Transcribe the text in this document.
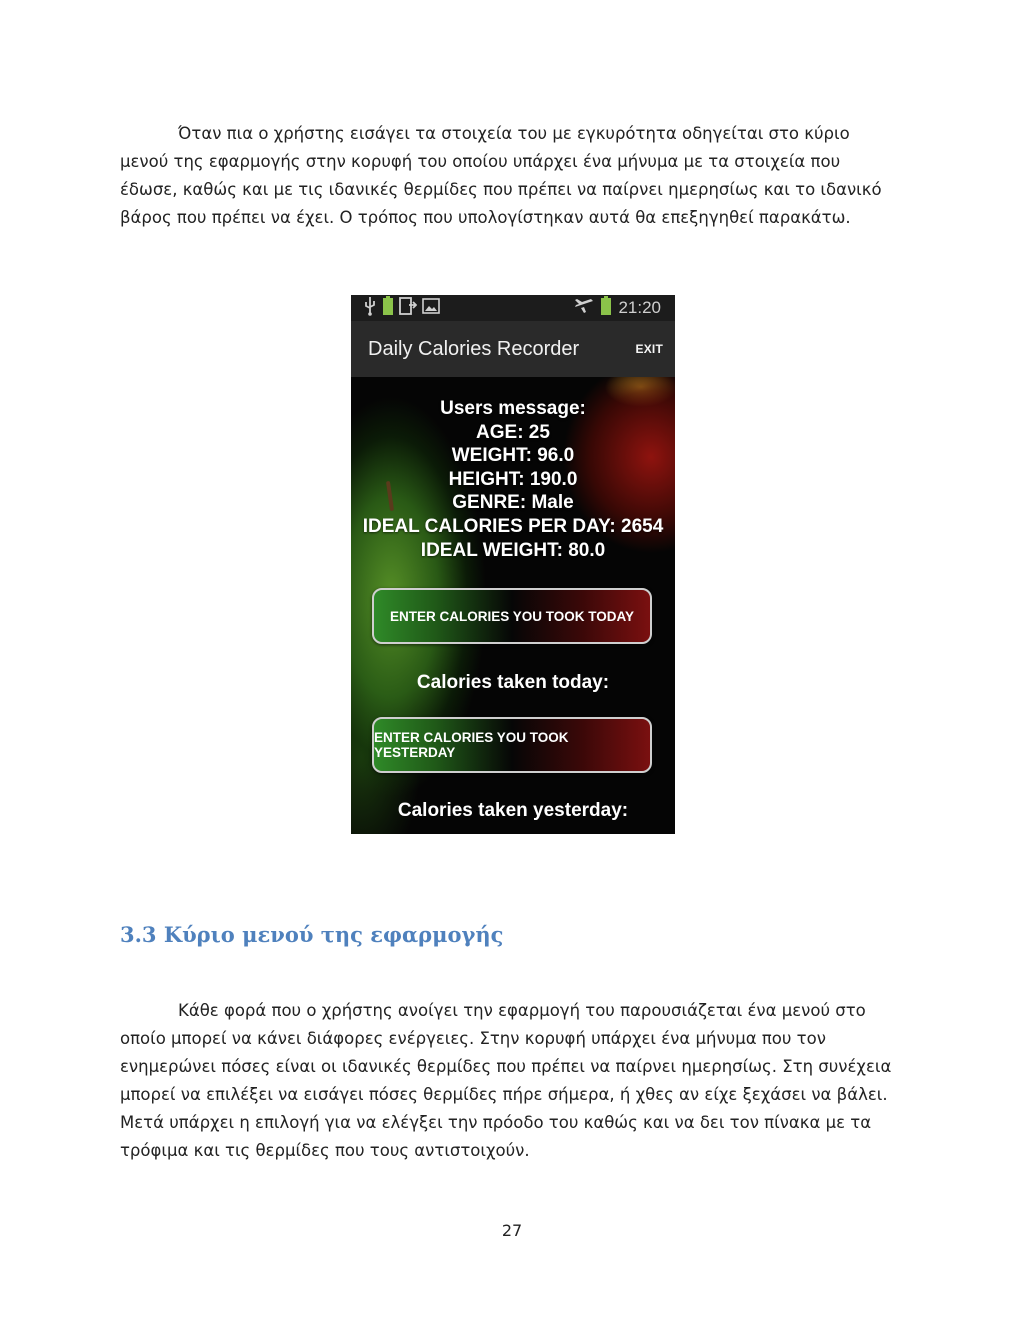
Όταν πια ο χρήστης εισάγει τα στοιχεία του με εγκυρότητα οδηγείται στο κύριο μενού της εφαρμογής στην κορυφή του οποίου υπάρχει ένα μήνυμα με τα στοιχεία που έδωσε, καθώς και με τις ιδανικές θερμίδες που πρέπει να παίρνει ημερησίως και το ιδανικό βάρος που πρέπει να έχει. Ο τρόπος που υπολογίστηκαν αυτά θα επεξηγηθεί παρακάτω.

21:20
Daily Calories Recorder	EXIT
Users message:
AGE: 25
WEIGHT: 96.0
HEIGHT: 190.0
GENRE: Male
IDEAL CALORIES PER DAY: 2654
IDEAL WEIGHT: 80.0
ENTER CALORIES YOU TOOK TODAY
Calories taken today:
ENTER CALORIES YOU TOOK YESTERDAY
Calories taken yesterday:
3.3 Κύριο μενού της εφαρμογής

Κάθε φορά που ο χρήστης ανοίγει την εφαρμογή του παρουσιάζεται ένα μενού στο οποίο μπορεί να κάνει διάφορες ενέργειες. Στην κορυφή υπάρχει ένα μήνυμα που τον ενημερώνει πόσες είναι οι ιδανικές θερμίδες που πρέπει να παίρνει ημερησίως. Στη συνέχεια μπορεί να επιλέξει να εισάγει πόσες θερμίδες πήρε σήμερα, ή χθες αν είχε ξεχάσει να βάλει. Μετά υπάρχει η επιλογή για να ελέγξει την πρόοδο του καθώς και να δει τον πίνακα με τα τρόφιμα και τις θερμίδες που τους αντιστοιχούν.

27
